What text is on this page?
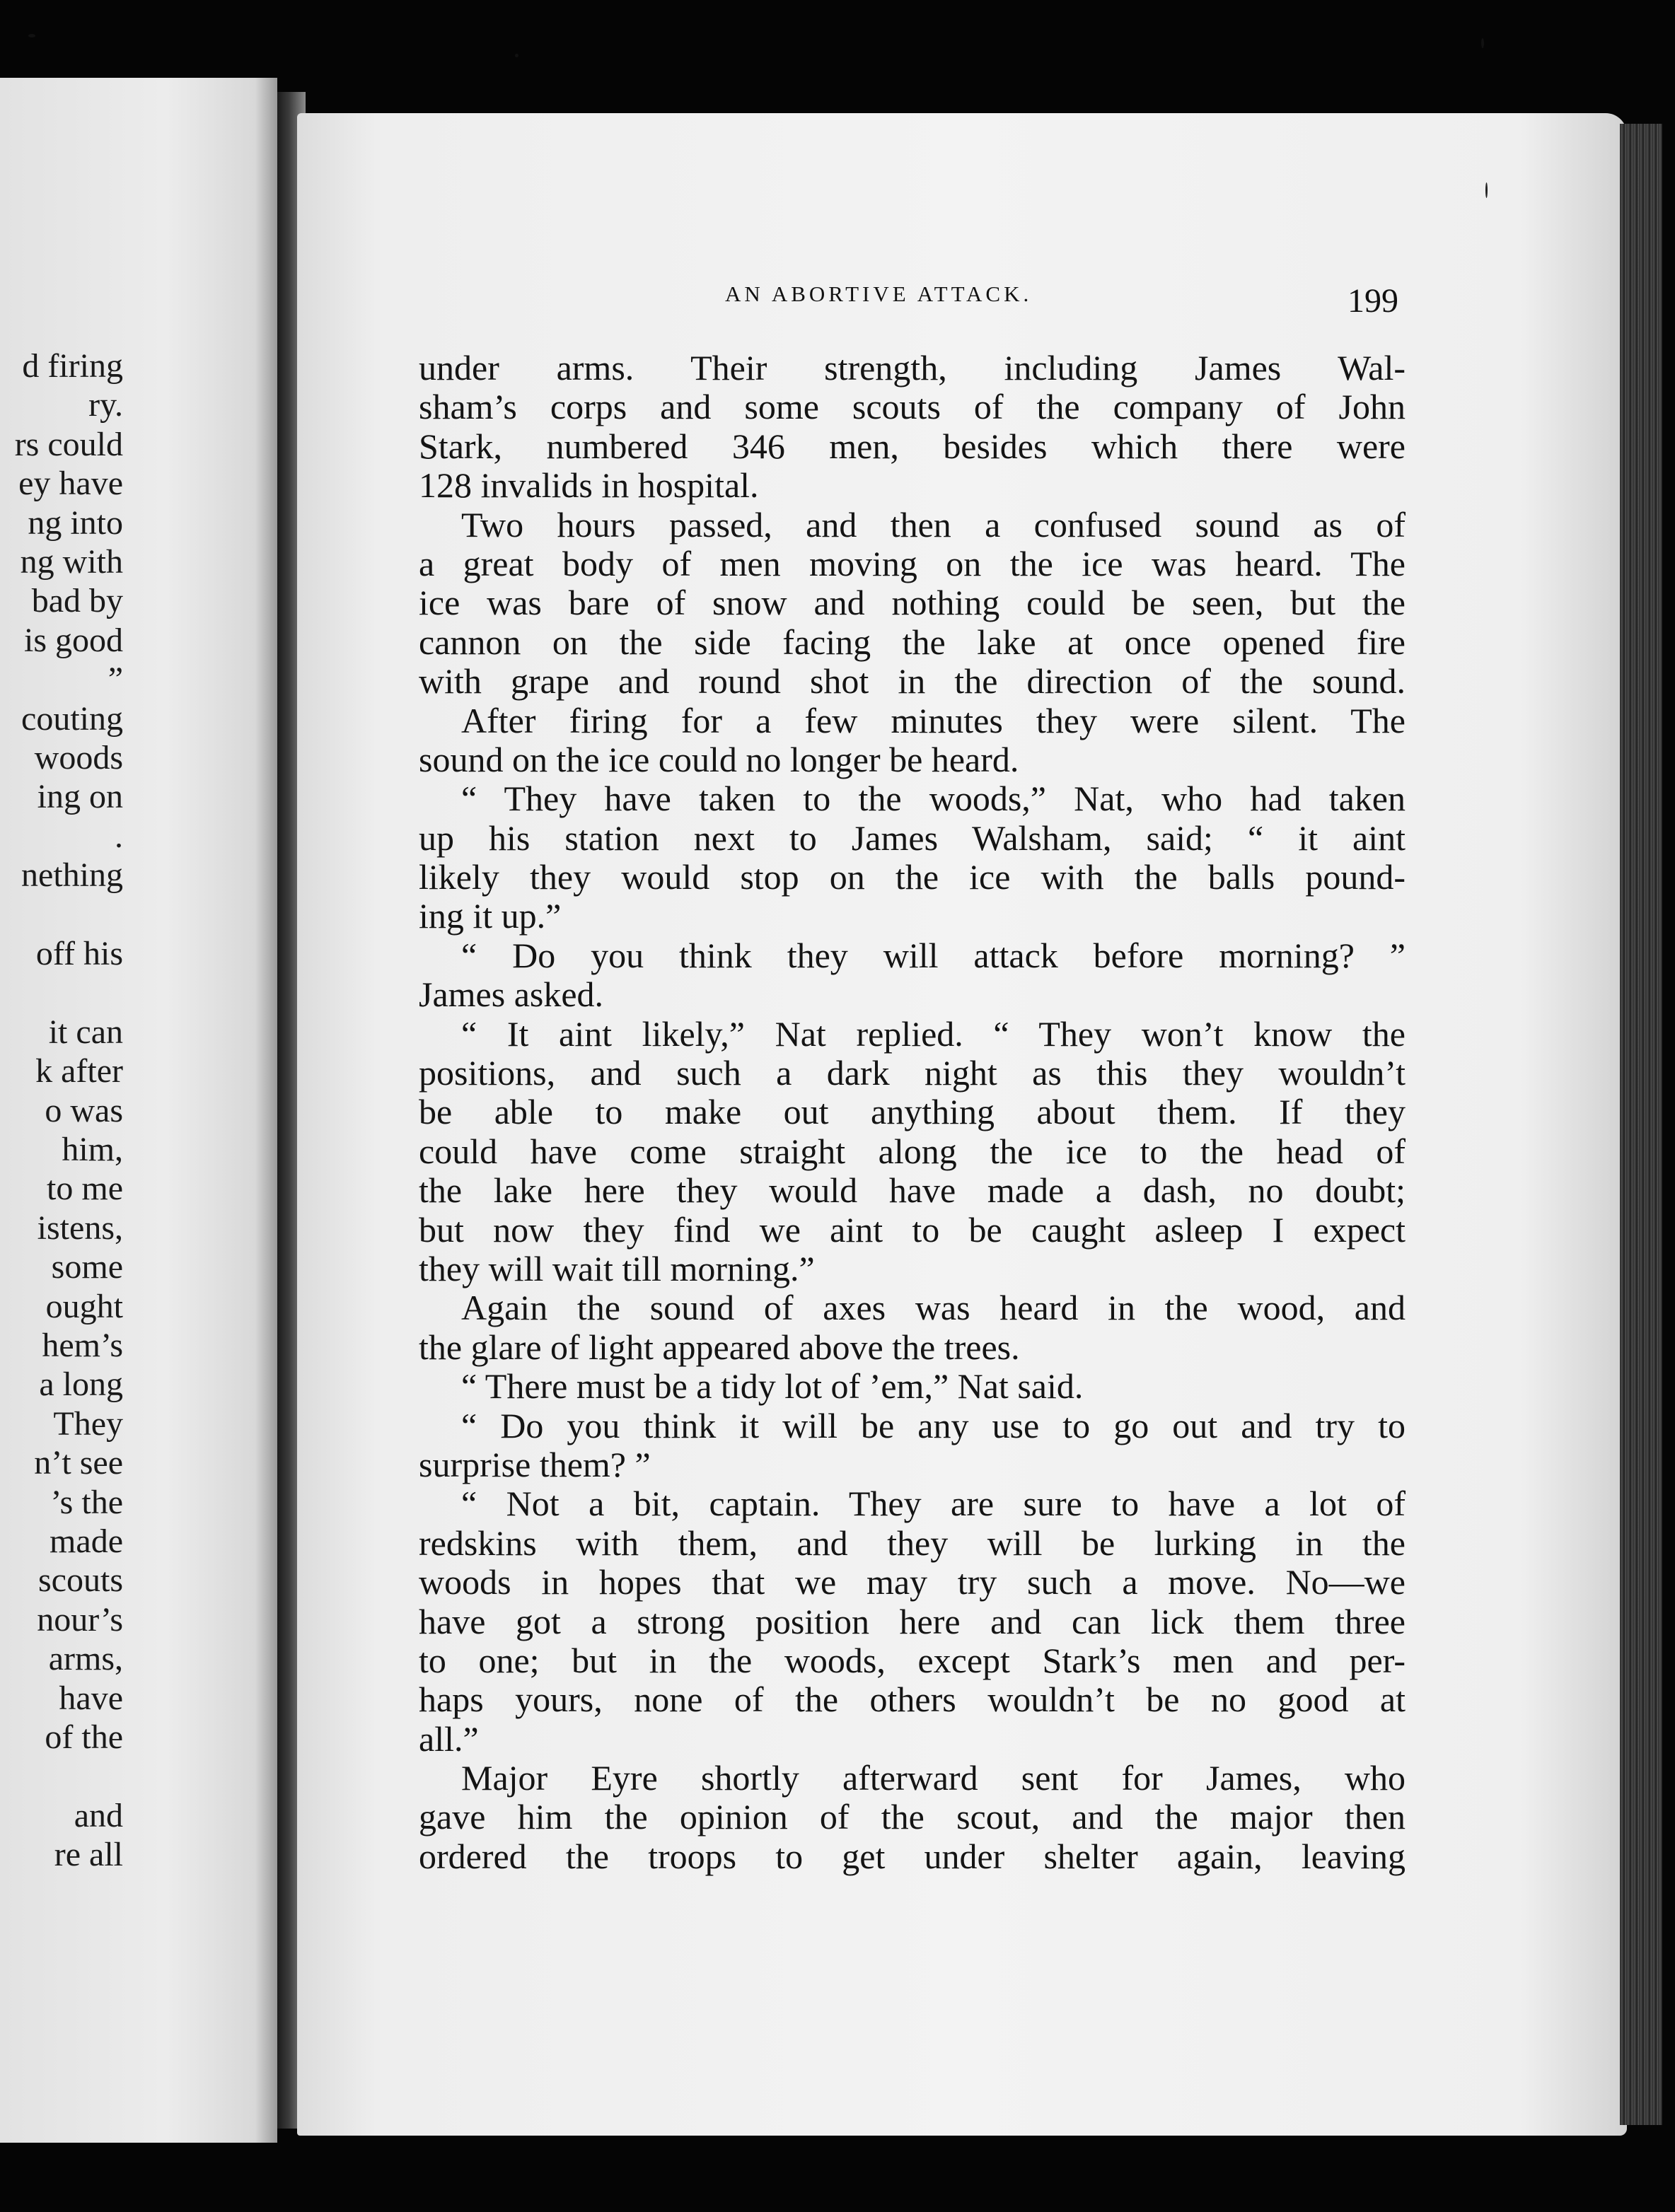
d firing
ry.
rs could
ey have
ng into
ng with
bad by
is good
”
couting
woods
ing on
.
nething
off his
it can
k after
o was
him,
to me
istens,
some
ought
hem’s
a long
They
n’t see
’s the
made
scouts
nour’s
arms,
have
of the
and
re all
AN ABORTIVE ATTACK.	199
under arms. Their strength, including James Wal-
sham’s corps and some scouts of the company of John
Stark, numbered 346 men, besides which there were
128 invalids in hospital.
Two hours passed, and then a confused sound as of
a great body of men moving on the ice was heard. The
ice was bare of snow and nothing could be seen, but the
cannon on the side facing the lake at once opened fire
with grape and round shot in the direction of the sound.
After firing for a few minutes they were silent. The
sound on the ice could no longer be heard.
“ They have taken to the woods,” Nat, who had taken
up his station next to James Walsham, said; “ it aint
likely they would stop on the ice with the balls pound-
ing it up.”
“ Do you think they will attack before morning? ”
James asked.
“ It aint likely,” Nat replied. “ They won’t know the
positions, and such a dark night as this they wouldn’t
be able to make out anything about them. If they
could have come straight along the ice to the head of
the lake here they would have made a dash, no doubt;
but now they find we aint to be caught asleep I expect
they will wait till morning.”
Again the sound of axes was heard in the wood, and
the glare of light appeared above the trees.
“ There must be a tidy lot of ’em,” Nat said.
“ Do you think it will be any use to go out and try to
surprise them? ”
“ Not a bit, captain. They are sure to have a lot of
redskins with them, and they will be lurking in the
woods in hopes that we may try such a move. No—we
have got a strong position here and can lick them three
to one; but in the woods, except Stark’s men and per-
haps yours, none of the others wouldn’t be no good at
all.”
Major Eyre shortly afterward sent for James, who
gave him the opinion of the scout, and the major then
ordered the troops to get under shelter again, leaving
